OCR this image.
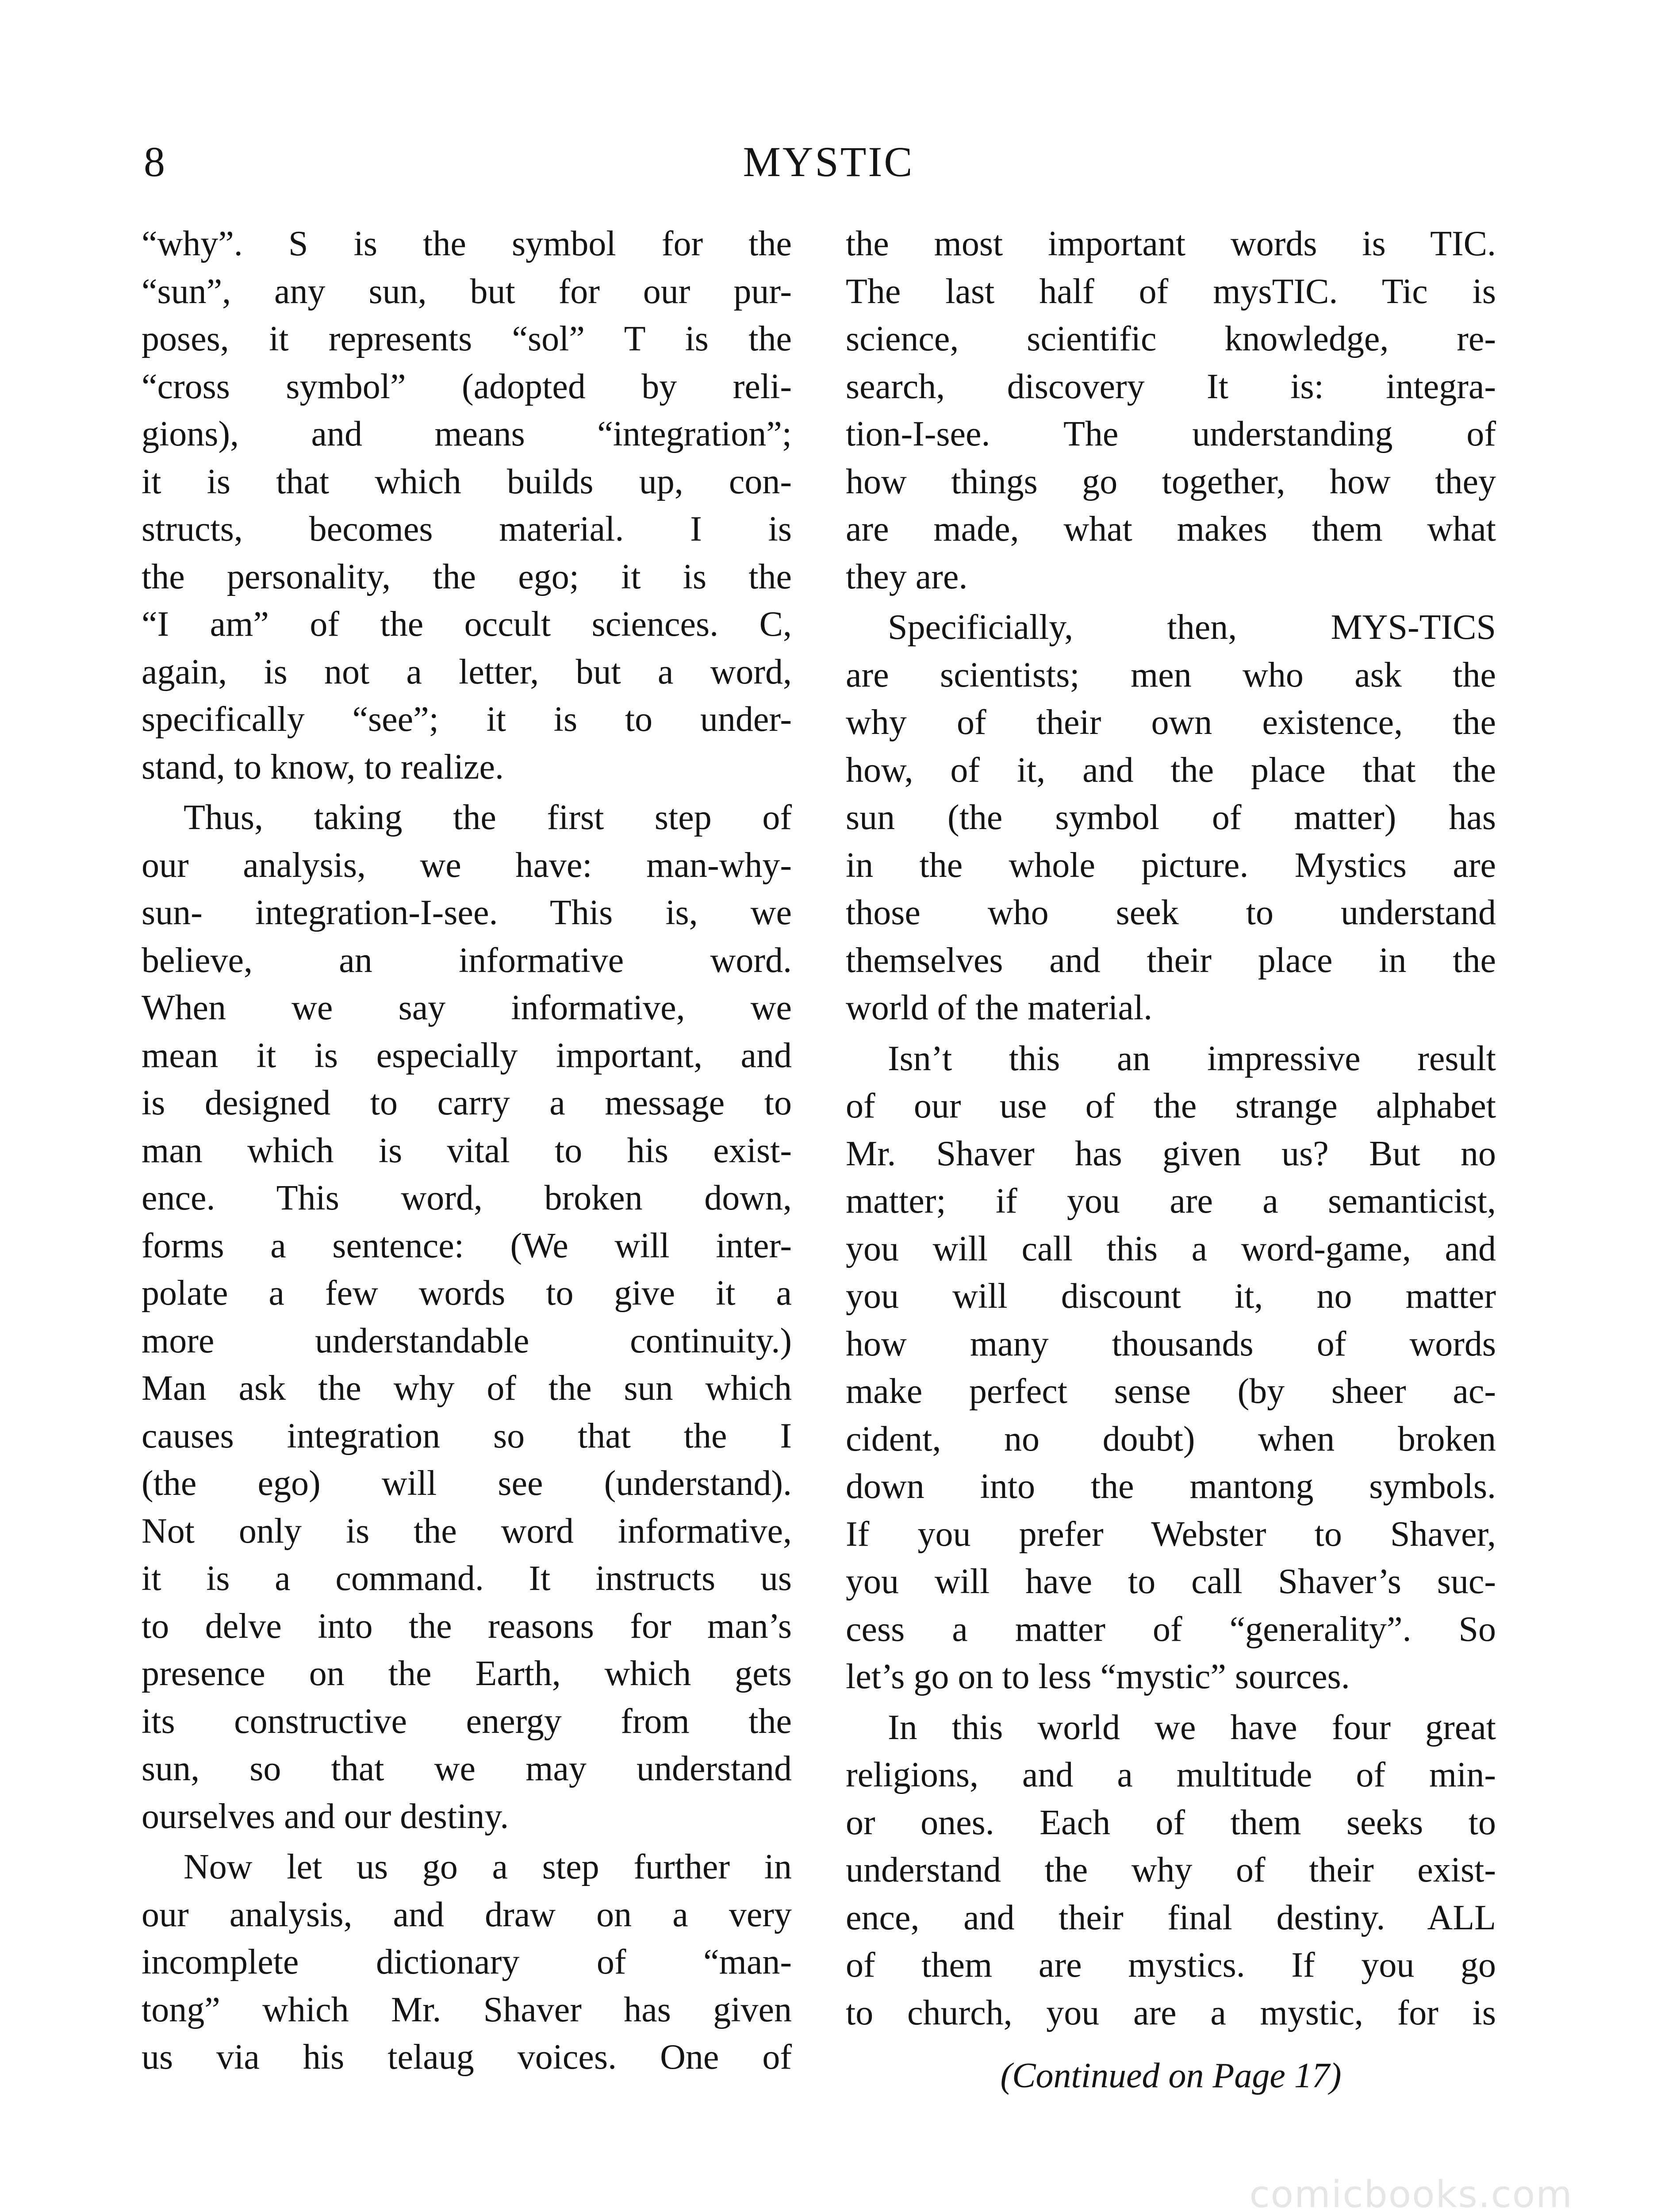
8	MYSTIC
“why”. S is the symbol for the
“sun”, any sun, but for our pur-
poses, it represents “sol” T is the
“cross symbol” (adopted by reli-
gions), and means “integration”;
it is that which builds up, con-
structs, becomes material. I is
the personality, the ego; it is the
“I am” of the occult sciences. C,
again, is not a letter, but a word,
specifically “see”; it is to under-
stand, to know, to realize.
Thus, taking the first step of
our analysis, we have: man-why-
sun- integration-I-see. This is, we
believe, an informative word.
When we say informative, we
mean it is especially important, and
is designed to carry a message to
man which is vital to his exist-
ence. This word, broken down,
forms a sentence: (We will inter-
polate a few words to give it a
more understandable continuity.)
Man ask the why of the sun which
causes integration so that the I
(the ego) will see (understand).
Not only is the word informative,
it is a command. It instructs us
to delve into the reasons for man’s
presence on the Earth, which gets
its constructive energy from the
sun, so that we may understand
ourselves and our destiny.
Now let us go a step further in
our analysis, and draw on a very
incomplete dictionary of “man-
tong” which Mr. Shaver has given
us via his telaug voices. One of
the most important words is TIC.
The last half of mysTIC. Tic is
science, scientific knowledge, re-
search, discovery It is: integra-
tion-I-see. The understanding of
how things go together, how they
are made, what makes them what
they are.
Specificially, then, MYS-TICS
are scientists; men who ask the
why of their own existence, the
how, of it, and the place that the
sun (the symbol of matter) has
in the whole picture. Mystics are
those who seek to understand
themselves and their place in the
world of the material.
Isn’t this an impressive result
of our use of the strange alphabet
Mr. Shaver has given us? But no
matter; if you are a semanticist,
you will call this a word-game, and
you will discount it, no matter
how many thousands of words
make perfect sense (by sheer ac-
cident, no doubt) when broken
down into the mantong symbols.
If you prefer Webster to Shaver,
you will have to call Shaver’s suc-
cess a matter of “generality”. So
let’s go on to less “mystic” sources.
In this world we have four great
religions, and a multitude of min-
or ones. Each of them seeks to
understand the why of their exist-
ence, and their final destiny. ALL
of them are mystics. If you go
to church, you are a mystic, for is
(Continued on Page 17)
comicbooks.com
